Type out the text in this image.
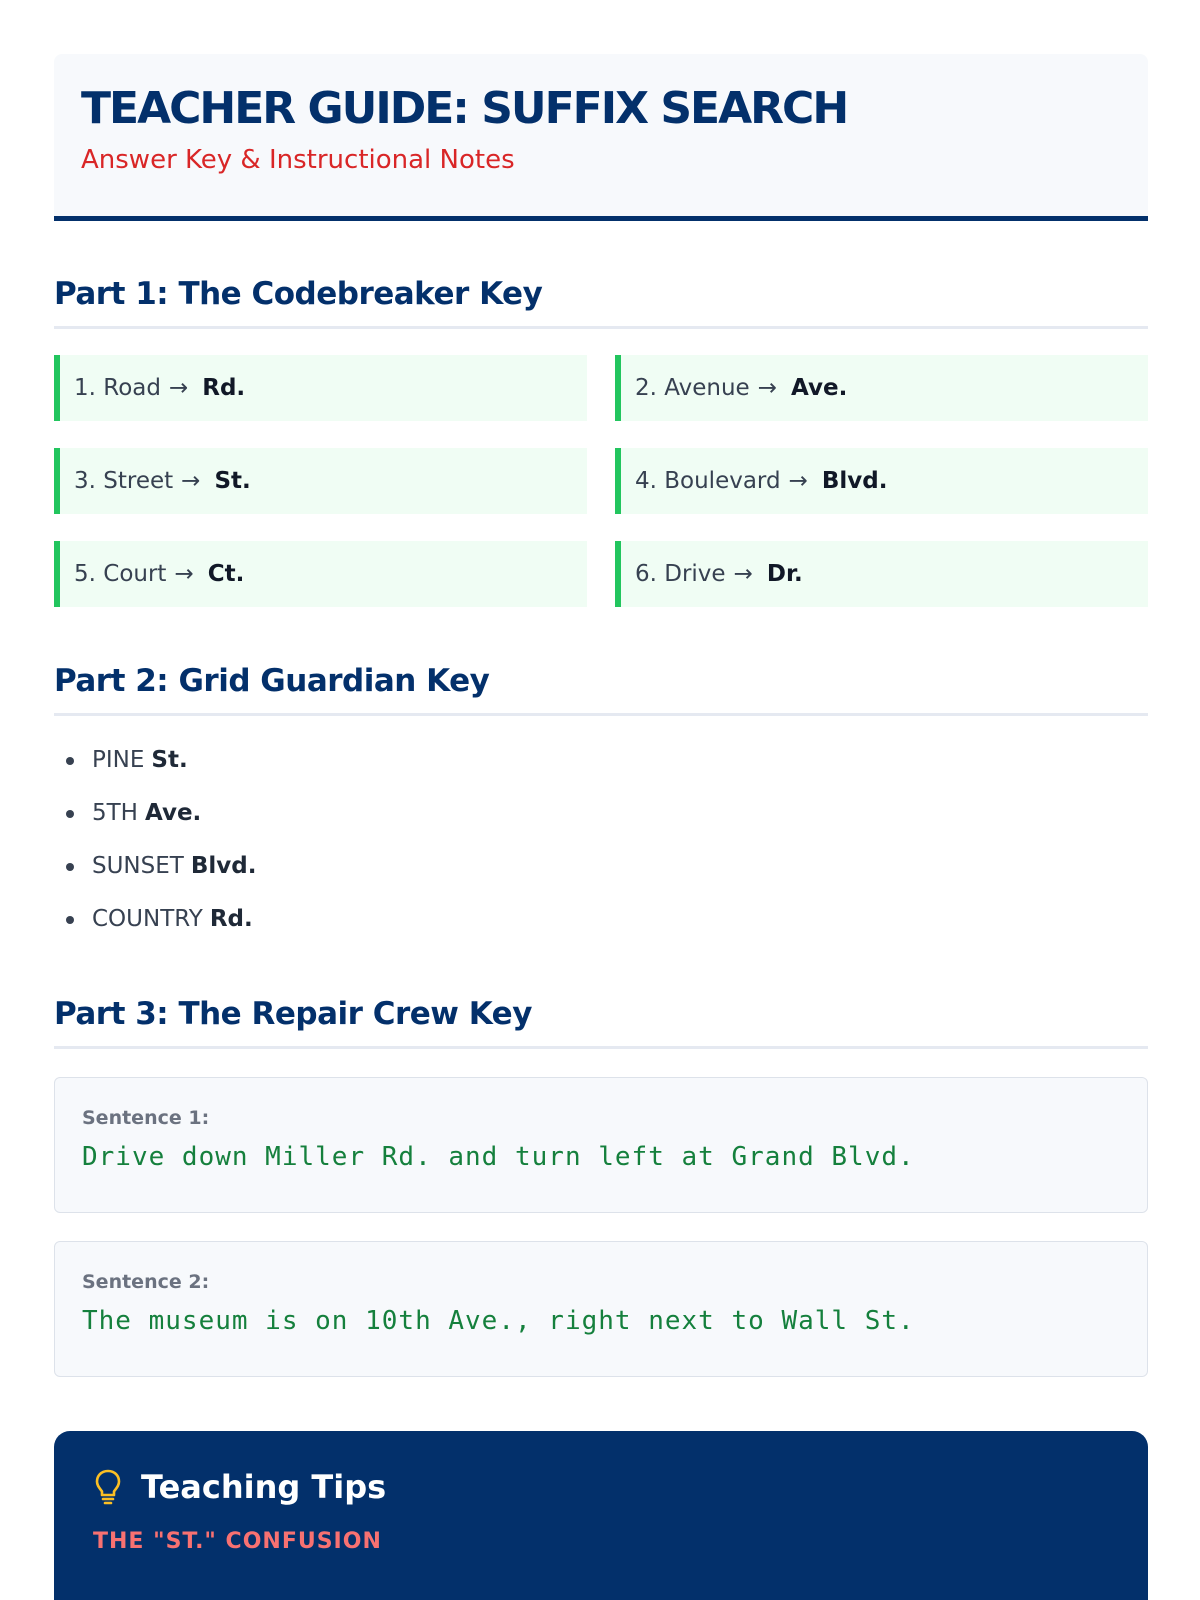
TEACHER GUIDE: SUFFIX SEARCH
Answer Key & Instructional Notes
Part 1: The Codebreaker Key
1. Road → Rd.	2. Avenue → Ave.
3. Street → St.	4. Boulevard → Blvd.
5. Court → Ct.	6. Drive → Dr.
Part 2: Grid Guardian Key
PINE St.
5TH Ave.
SUNSET Blvd.
COUNTRY Rd.
Part 3: The Repair Crew Key
Sentence 1:
Drive down Miller Rd. and turn left at Grand Blvd.
Sentence 2:
The museum is on 10th Ave., right next to Wall St.
Teaching Tips
THE "ST." CONFUSION
